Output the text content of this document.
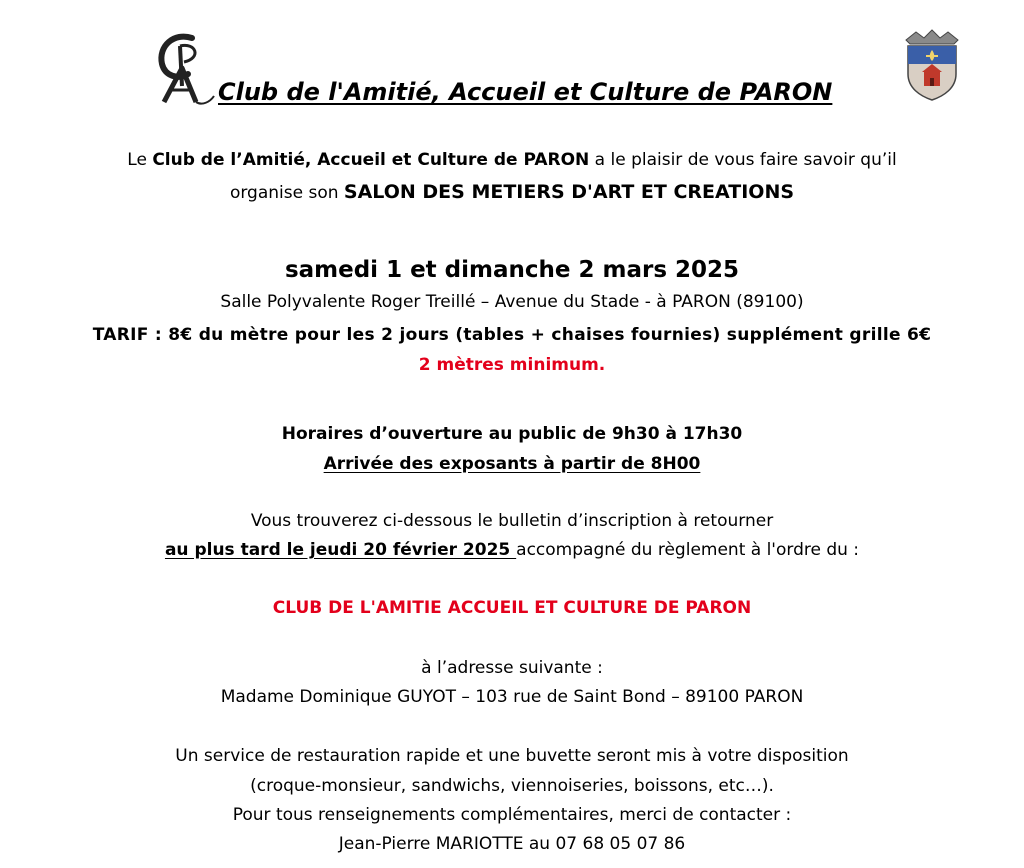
Club de l'Amitié, Accueil et Culture de PARON
Le Club de l’Amitié, Accueil et Culture de PARON a le plaisir de vous faire savoir qu’il
organise son SALON DES METIERS D'ART ET CREATIONS
samedi 1 et dimanche 2 mars 2025
Salle Polyvalente Roger Treillé – Avenue du Stade - à PARON (89100)
TARIF : 8€ du mètre pour les 2 jours (tables + chaises fournies) supplément grille 6€
2 mètres minimum.
Horaires d’ouverture au public de 9h30 à 17h30
Arrivée des exposants à partir de 8H00
Vous trouverez ci-dessous le bulletin d’inscription à retourner
au plus tard le jeudi 20 février 2025 accompagné du règlement à l'ordre du :
CLUB DE L'AMITIE ACCUEIL ET CULTURE DE PARON
à l’adresse suivante :
Madame Dominique GUYOT – 103 rue de Saint Bond – 89100 PARON
Un service de restauration rapide et une buvette seront mis à votre disposition
(croque-monsieur, sandwichs, viennoiseries, boissons, etc…).
Pour tous renseignements complémentaires, merci de contacter :
Jean-Pierre MARIOTTE au 07 68 05 07 86
